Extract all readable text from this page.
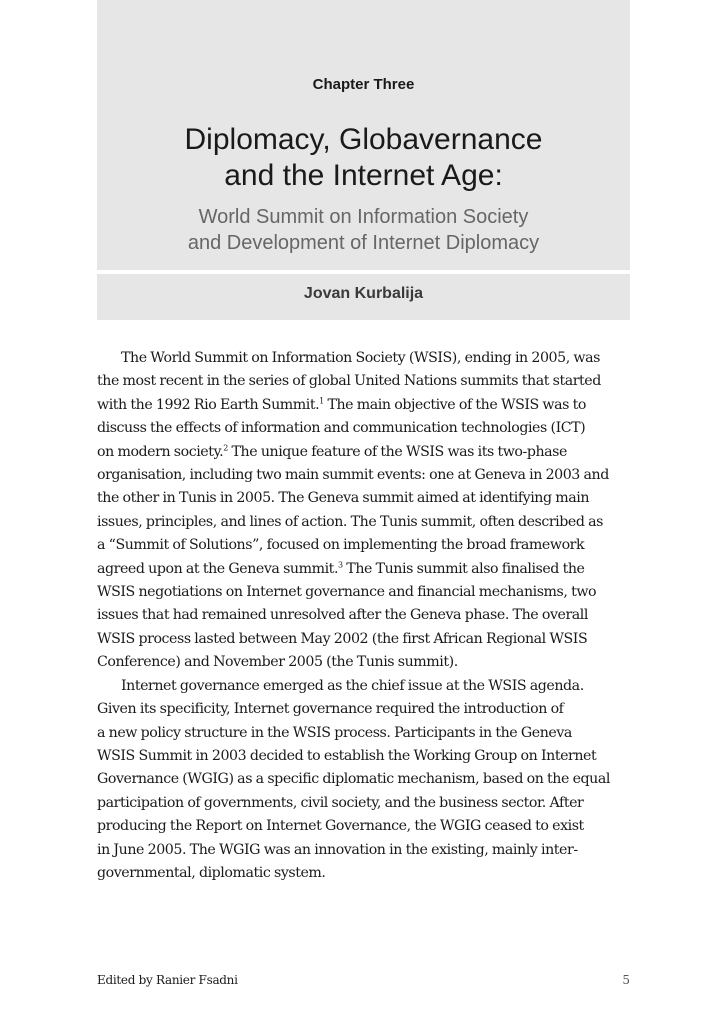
Chapter Three
Diplomacy, Globavernance
and the Internet Age:
World Summit on Information Society
and Development of Internet Diplomacy
Jovan Kurbalija
The World Summit on Information Society (WSIS), ending in 2005, was
the most recent in the series of global United Nations summits that started
with the 1992 Rio Earth Summit.$^1$ The main objective of the WSIS was to
discuss the effects of information and communication technologies (ICT)
on modern society.$^2$ The unique feature of the WSIS was its two-phase
organisation, including two main summit events: one at Geneva in 2003 and
the other in Tunis in 2005. The Geneva summit aimed at identifying main
issues, principles, and lines of action. The Tunis summit, often described as
a “Summit of Solutions”, focused on implementing the broad framework
agreed upon at the Geneva summit.$^3$ The Tunis summit also finalised the
WSIS negotiations on Internet governance and financial mechanisms, two
issues that had remained unresolved after the Geneva phase. The overall
WSIS process lasted between May 2002 (the first African Regional WSIS
Conference) and November 2005 (the Tunis summit).
Internet governance emerged as the chief issue at the WSIS agenda.
Given its specificity, Internet governance required the introduction of
a new policy structure in the WSIS process. Participants in the Geneva
WSIS Summit in 2003 decided to establish the Working Group on Internet
Governance (WGIG) as a specific diplomatic mechanism, based on the equal
participation of governments, civil society, and the business sector. After
producing the Report on Internet Governance, the WGIG ceased to exist
in June 2005. The WGIG was an innovation in the existing, mainly inter-
governmental, diplomatic system.
Edited by Ranier Fsadni	5
